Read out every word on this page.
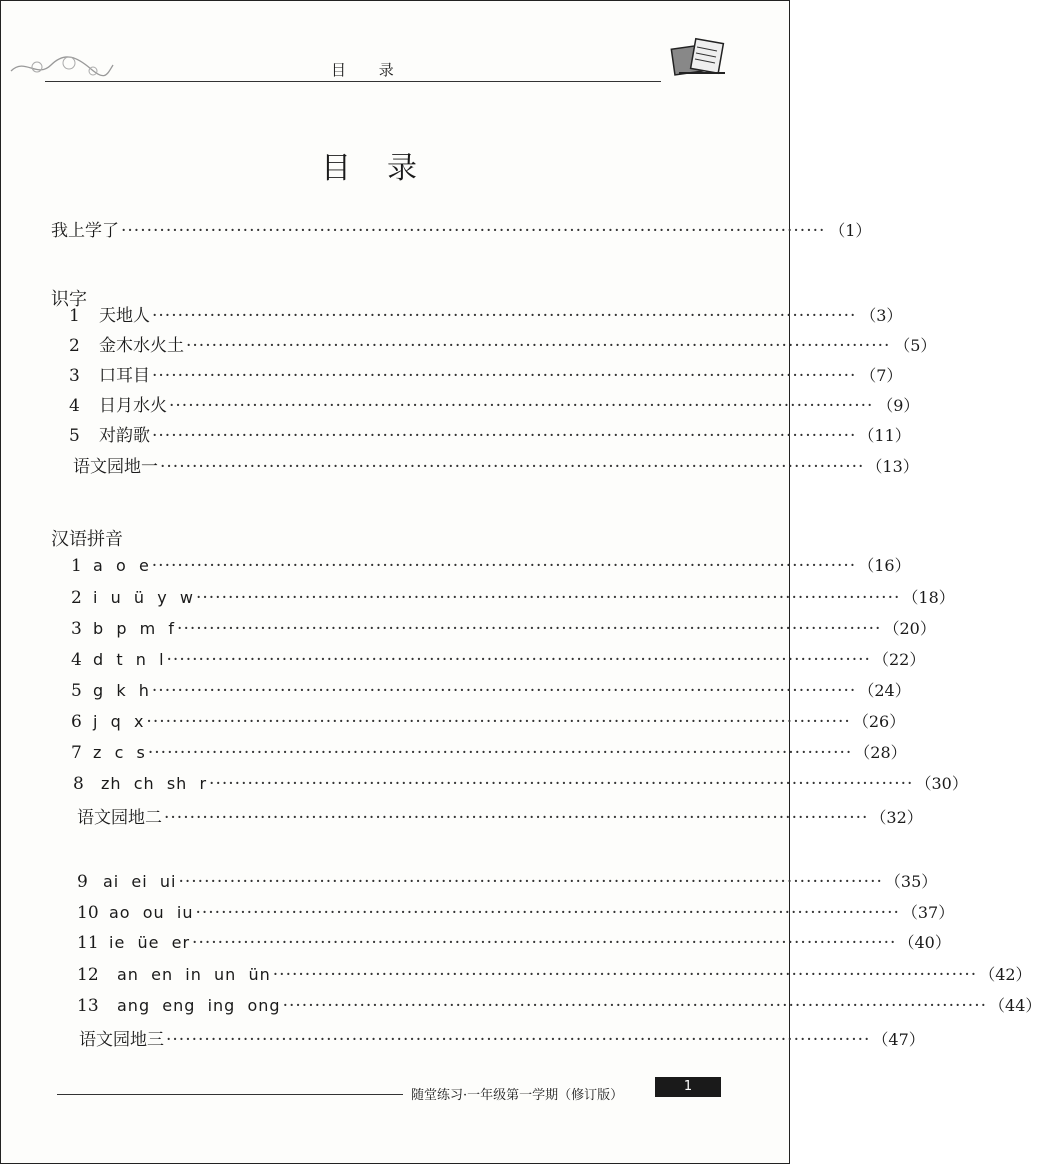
目 录
目录
我上学了 ·············································································································· （1）
识字
1	天地人 ·············································································································· （3）
2	金木水火土 ·············································································································· （5）
3	口耳目 ·············································································································· （7）
4	日月水火 ·············································································································· （9）
5	对韵歌 ·············································································································· （11）
语文园地一 ·············································································································· （13）
汉语拼音
1 a  o  e ·············································································································· （16）
2 i  u  ü  y  w ·············································································································· （18）
3 b  p  m  f ·············································································································· （20）
4 d  t  n  l ·············································································································· （22）
5 g  k  h ·············································································································· （24）
6 j  q  x ·············································································································· （26）
7 z  c  s ·············································································································· （28）
8	zh  ch  sh  r ·············································································································· （30）
语文园地二 ·············································································································· （32）
9 ai  ei  ui ·············································································································· （35）
10 ao  ou  iu ·············································································································· （37）
11 ie  üe  er ·············································································································· （40）
12	an  en  in  un  ün ·············································································································· （42）
13	ang  eng  ing  ong ·············································································································· （44）
语文园地三 ·············································································································· （47）
随堂练习·一年级第一学期（修订版）
1
